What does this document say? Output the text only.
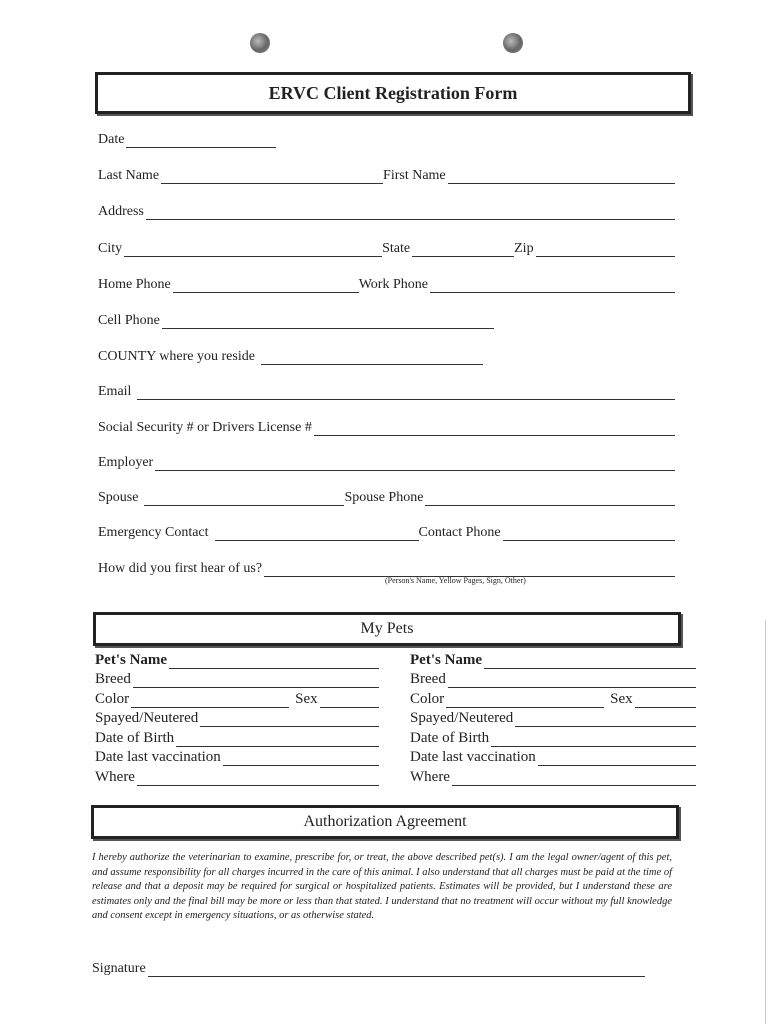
ERVC Client Registration Form
Date
Last Name	First Name
Address
City	State	Zip
Home Phone	Work Phone
Cell Phone
COUNTY where you reside
Email
Social Security # or Drivers License #
Employer
Spouse	Spouse Phone
Emergency Contact	Contact Phone
How did you first hear of us?
(Person's Name, Yellow Pages, Sign, Other)
My Pets
Pet's Name
Breed
Color	Sex
Spayed/Neutered
Date of Birth
Date last vaccination
Where
Pet's Name
Breed
Color	Sex
Spayed/Neutered
Date of Birth
Date last vaccination
Where
Authorization Agreement
I hereby authorize the veterinarian to examine, prescribe for, or treat, the above described pet(s). I am the legal owner/agent of this pet, and assume responsibility for all charges incurred in the care of this animal. I also understand that all charges must be paid at the time of release and that a deposit may be required for surgical or hospitalized patients. Estimates will be provided, but I understand these are estimates only and the final bill may be more or less than that stated. I understand that no treatment will occur without my full knowledge and consent except in emergency situations, or as otherwise stated.
Signature
